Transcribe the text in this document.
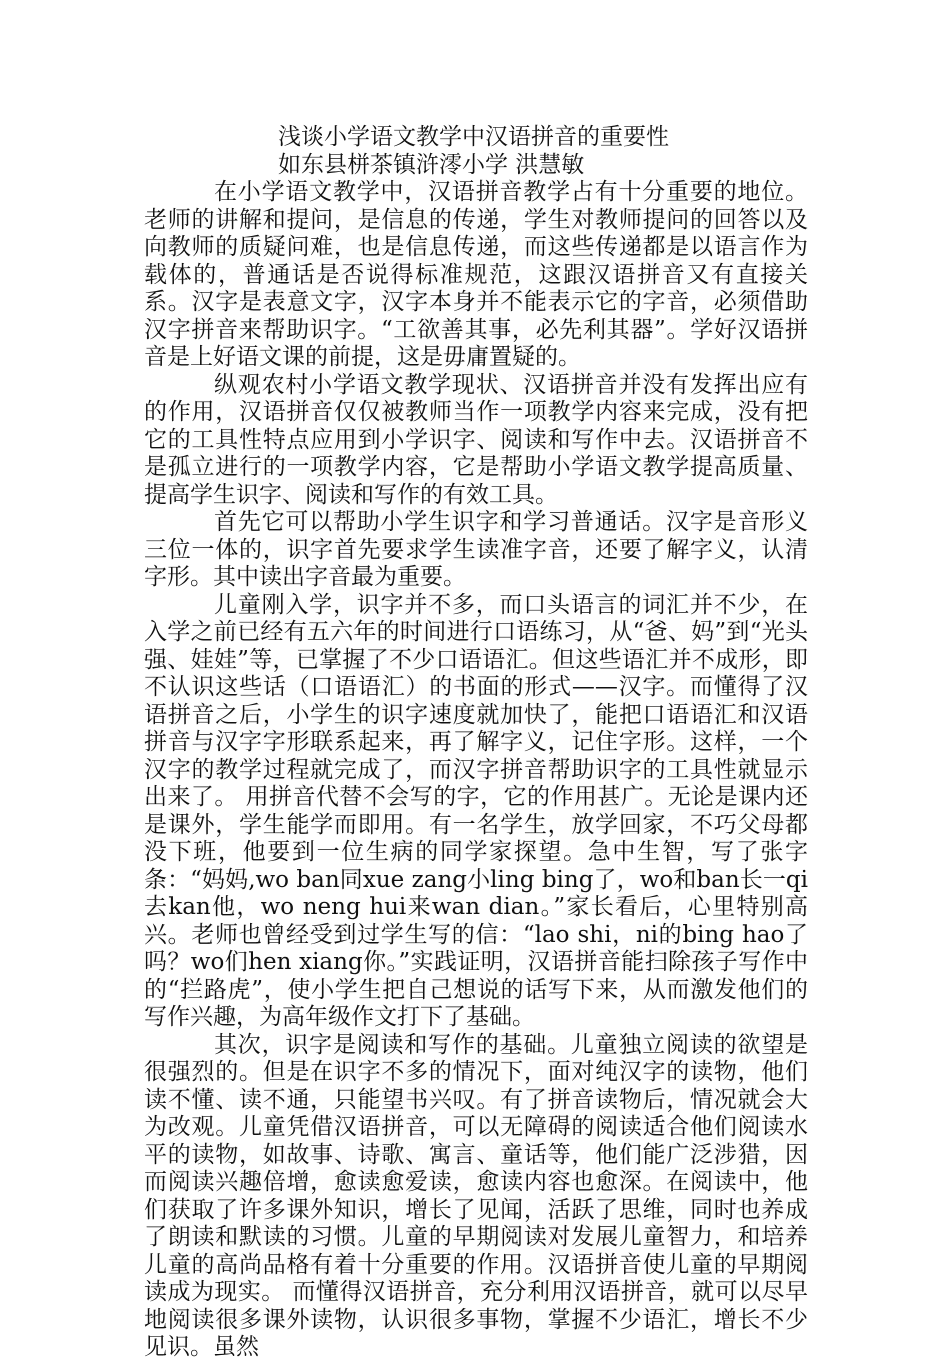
浅谈小学语文教学中汉语拼音的重要性

如东县栟茶镇浒澪小学 洪慧敏

在小学语文教学中，汉语拼音教学占有十分重要的地位。老师的讲解和提问，是信息的传递，学生对教师提问的回答以及向教师的质疑问难，也是信息传递，而这些传递都是以语言作为载体的，普通话是否说得标准规范，这跟汉语拼音又有直接关系。汉字是表意文字，汉字本身并不能表示它的字音，必须借助汉字拼音来帮助识字。“工欲善其事，必先利其器”。学好汉语拼音是上好语文课的前提，这是毋庸置疑的。

纵观农村小学语文教学现状、汉语拼音并没有发挥出应有的作用，汉语拼音仅仅被教师当作一项教学内容来完成，没有把它的工具性特点应用到小学识字、阅读和写作中去。汉语拼音不是孤立进行的一项教学内容，它是帮助小学语文教学提高质量、提高学生识字、阅读和写作的有效工具。

首先它可以帮助小学生识字和学习普通话。汉字是音形义三位一体的，识字首先要求学生读准字音，还要了解字义，认清字形。其中读出字音最为重要。

儿童刚入学，识字并不多，而口头语言的词汇并不少，在入学之前已经有五六年的时间进行口语练习，从“爸、妈”到“光头强、娃娃”等，已掌握了不少口语语汇。但这些语汇并不成形，即不认识这些话（口语语汇）的书面的形式——汉字。而懂得了汉语拼音之后，小学生的识字速度就加快了，能把口语语汇和汉语拼音与汉字字形联系起来，再了解字义，记住字形。这样，一个汉字的教学过程就完成了，而汉字拼音帮助识字的工具性就显示出来了。 用拼音代替不会写的字，它的作用甚广。无论是课内还是课外，学生能学而即用。有一名学生，放学回家，不巧父母都没下班，他要到一位生病的同学家探望。急中生智，写了张字条：“妈妈,wo ban同xue zang小ling bing了，wo和ban长一qi去kan他，wo neng hui来wan dian。”家长看后，心里特别高兴。老师也曾经受到过学生写的信：“lao shi，ni的bing hao了吗？wo们hen xiang你。”实践证明，汉语拼音能扫除孩子写作中的“拦路虎”，使小学生把自己想说的话写下来，从而激发他们的写作兴趣，为高年级作文打下了基础。

其次，识字是阅读和写作的基础。儿童独立阅读的欲望是很强烈的。但是在识字不多的情况下，面对纯汉字的读物，他们读不懂、读不通，只能望书兴叹。有了拼音读物后，情况就会大为改观。儿童凭借汉语拼音，可以无障碍的阅读适合他们阅读水平的读物，如故事、诗歌、寓言、童话等，他们能广泛涉猎，因而阅读兴趣倍增，愈读愈爱读，愈读内容也愈深。在阅读中，他们获取了许多课外知识，增长了见闻，活跃了思维，同时也养成了朗读和默读的习惯。儿童的早期阅读对发展儿童智力，和培养儿童的高尚品格有着十分重要的作用。汉语拼音使儿童的早期阅读成为现实。 而懂得汉语拼音，充分利用汉语拼音，就可以尽早地阅读很多课外读物，认识很多事物，掌握不少语汇，增长不少见识。虽然
